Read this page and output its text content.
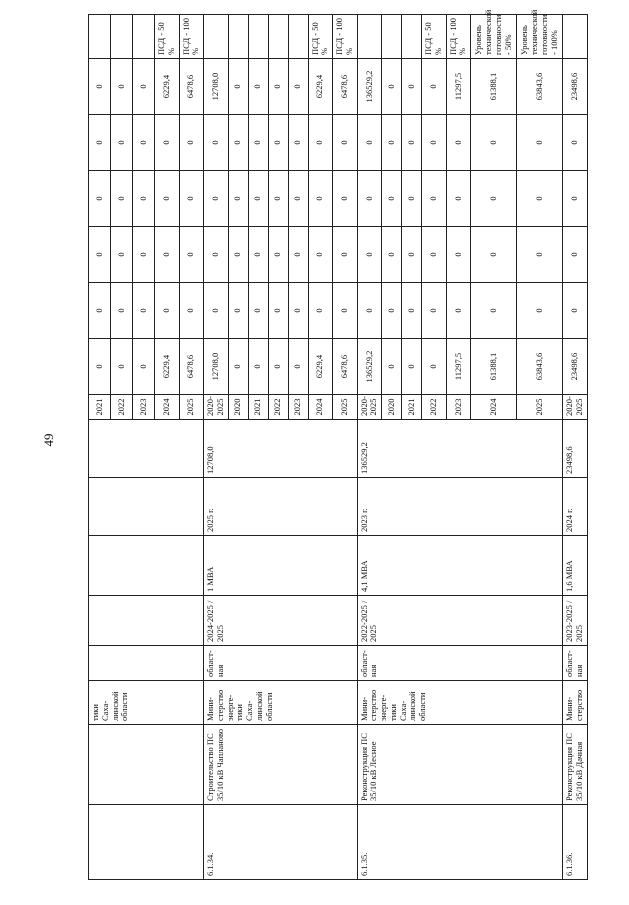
49
		тики Саха-линской области						2021	0	0	0	0	0	0	
								2022	0	0	0	0	0	0	
								2023	0	0	0	0	0	0	
								2024	6229,4	0	0	0	0	6229,4	ПСД - 50 %
								2025	6478,6	0	0	0	0	6478,6	ПСД - 100 %
6.1.34.	Строительство ПС 35/10 кВ Чапланово	Мини-стерство энерге-тики Саха-линской области	област-ная	2024-2025 / 2025	1 МВА	2025 г.	12708,0	2020-2025	12708,0	0	0	0	0	12708,0	
								2020	0	0	0	0	0	0	
								2021	0	0	0	0	0	0	
								2022	0	0	0	0	0	0	
								2023	0	0	0	0	0	0	
								2024	6229,4	0	0	0	0	6229,4	ПСД - 50 %
								2025	6478,6	0	0	0	0	6478,6	ПСД - 100 %
6.1.35.	Реконструкция ПС 35/10 кВ Лесное	Мини-стерство энерге-тики Саха-линской области	област-ная	2022-2025 / 2025	4,1 МВА	2023 г.	136529,2	2020-2025	136529,2	0	0	0	0	136529,2	
								2020	0	0	0	0	0	0	
								2021	0	0	0	0	0	0	
								2022	0	0	0	0	0	0	ПСД - 50 %
								2023	11297,5	0	0	0	0	11297,5	ПСД - 100 %
								2024	61388,1	0	0	0	0	61388,1	Уровень технической готовности - 50%
								2025	63843,6	0	0	0	0	63843,6	Уровень технической готовности - 100%
6.1.36.	Реконструкция ПС 35/10 кВ Дачная	Мини-стерство	област-ная	2023-2025 / 2025	1,6 МВА	2024 г.	23498,6	2020-2025	23498,6	0	0	0	0	23498,6	
